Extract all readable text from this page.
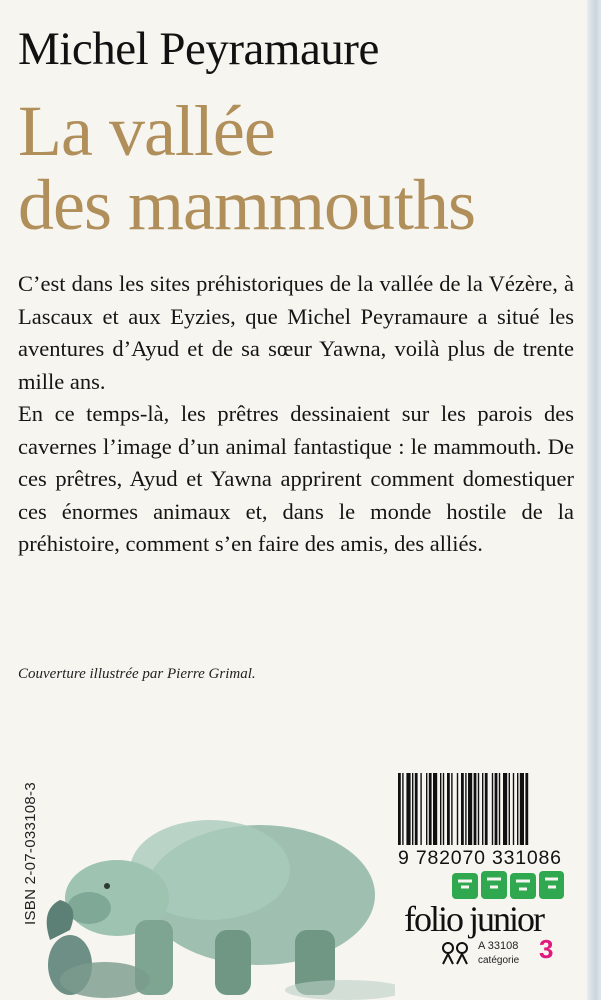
Michel Peyramaure
La vallée
des mammouths

C’est dans les sites préhistoriques de la vallée de la Vézère, à Lascaux et aux Eyzies, que Michel Peyramaure a situé les aventures d’Ayud et de sa sœur Yawna, voilà plus de trente mille ans.

En ce temps-là, les prêtres dessinaient sur les parois des cavernes l’image d’un animal fantastique : le mammouth. De ces prêtres, Ayud et Yawna apprirent comment domestiquer ces énormes animaux et, dans le monde hostile de la préhistoire, comment s’en faire des amis, des alliés.

Couverture illustrée par Pierre Grimal.
ISBN 2-07-033108-3	9 782070 331086
folio junior
A 33108
catégorie 3
